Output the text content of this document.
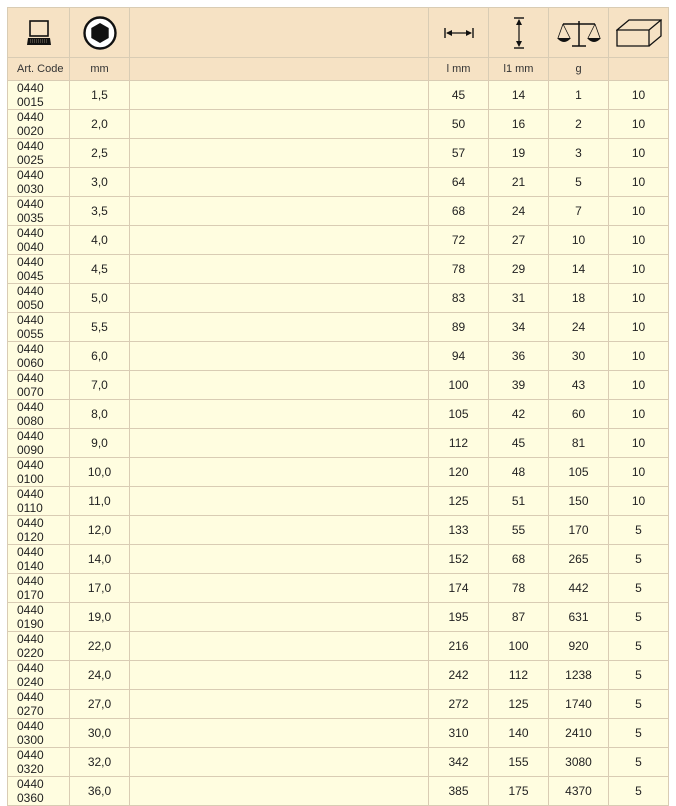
Art. Code	mm		l mm	l1 mm	g	
0440 0015	1,5		45	14	1	10
0440 0020	2,0		50	16	2	10
0440 0025	2,5		57	19	3	10
0440 0030	3,0		64	21	5	10
0440 0035	3,5		68	24	7	10
0440 0040	4,0		72	27	10	10
0440 0045	4,5		78	29	14	10
0440 0050	5,0		83	31	18	10
0440 0055	5,5		89	34	24	10
0440 0060	6,0		94	36	30	10
0440 0070	7,0		100	39	43	10
0440 0080	8,0		105	42	60	10
0440 0090	9,0		112	45	81	10
0440 0100	10,0		120	48	105	10
0440 0110	11,0		125	51	150	10
0440 0120	12,0		133	55	170	5
0440 0140	14,0		152	68	265	5
0440 0170	17,0		174	78	442	5
0440 0190	19,0		195	87	631	5
0440 0220	22,0		216	100	920	5
0440 0240	24,0		242	112	1238	5
0440 0270	27,0		272	125	1740	5
0440 0300	30,0		310	140	2410	5
0440 0320	32,0		342	155	3080	5
0440 0360	36,0		385	175	4370	5
